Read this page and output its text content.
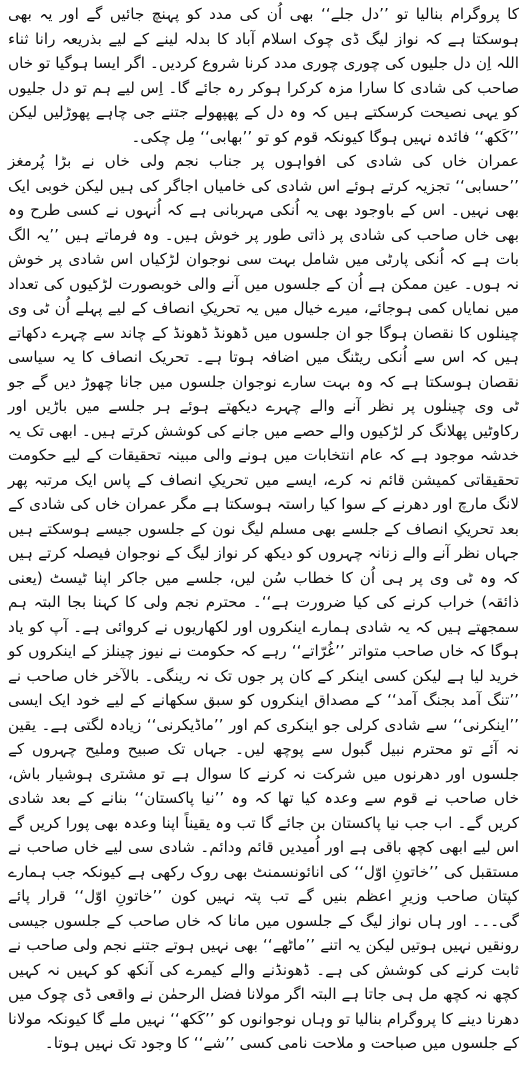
کا پروگرام بنالیا تو ’’دل جلے‘‘ بھی اُن کی مدد کو پہنچ جائیں گے اور یہ بھی ہوسکتا ہے کہ نواز لیگ ڈی چوک اسلام آباد کا بدلہ لینے کے لیے بذریعہ رانا ثناء اللہ اِن دل جلیوں کی چوری چوری مدد کرنا شروع کردیں۔ اگر ایسا ہوگیا تو خاں صاحب کی شادی کا سارا مزہ کرکرا ہوکر رہ جائے گا۔ اِس لیے ہم تو دل جلیوں کو یہی نصیحت کرسکتے ہیں کہ وہ دل کے پھپھولے جتنے جی چاہے پھوڑلیں لیکن ’’کَکھ‘‘ فائدہ نہیں ہوگا کیونکہ قوم کو تو ’’بھابی‘‘ مِل چکی۔

عمران خاں کی شادی کی افواہوں پر جناب نجم ولی خاں نے بڑا پُرمغز ’’حسابی‘‘ تجزیہ کرتے ہوئے اس شادی کی خامیاں اجاگر کی ہیں لیکن خوبی ایک بھی نہیں۔ اس کے باوجود بھی یہ اُنکی مہربانی ہے کہ اُنہوں نے کسی طرح وہ بھی خاں صاحب کی شادی پر ذاتی طور پر خوش ہیں۔ وہ فرماتے ہیں ’’یہ الگ بات ہے کہ اُنکی پارٹی میں شامل بہت سی نوجوان لڑکیاں اس شادی پر خوش نہ ہوں۔ عین ممکن ہے اُن کے جلسوں میں آنے والی خوبصورت لڑکیوں کی تعداد میں نمایاں کمی ہوجائے، میرے خیال میں یہ تحریکِ انصاف کے لیے پہلے اُن ٹی وی چینلوں کا نقصان ہوگا جو ان جلسوں میں ڈھونڈ ڈھونڈ کے چاند سے چہرے دکھاتے ہیں کہ اس سے اُنکی ریٹنگ میں اضافہ ہوتا ہے۔ تحریک انصاف کا یہ سیاسی نقصان ہوسکتا ہے کہ وہ بہت سارے نوجوان جلسوں میں جانا چھوڑ دیں گے جو ٹی وی چینلوں پر نظر آنے والے چہرے دیکھتے ہوئے ہر جلسے میں باڑیں اور رکاوٹیں پھلانگ کر لڑکیوں والے حصے میں جانے کی کوشش کرتے ہیں۔ ابھی تک یہ خدشہ موجود ہے کہ عام انتخابات میں ہونے والی مبینہ تحقیقات کے لیے حکومت تحقیقاتی کمیشن قائم نہ کرے، ایسے میں تحریکِ انصاف کے پاس ایک مرتبہ پھر لانگ مارچ اور دھرنے کے سوا کیا راستہ ہوسکتا ہے مگر عمران خاں کی شادی کے بعد تحریکِ انصاف کے جلسے بھی مسلم لیگ نون کے جلسوں جیسے ہوسکتے ہیں جہاں نظر آنے والے زنانہ چہروں کو دیکھ کر نواز لیگ کے نوجوان فیصلہ کرتے ہیں کہ وہ ٹی وی پر ہی اُن کا خطاب سُن لیں، جلسے میں جاکر اپنا ٹیسٹ (یعنی ذائقہ) خراب کرنے کی کیا ضرورت ہے‘‘۔ محترم نجم ولی کا کہنا بجا البتہ ہم سمجھتے ہیں کہ یہ شادی ہمارے اینکروں اور لکھاریوں نے کروائی ہے۔ آپ کو یاد ہوگا کہ خاں صاحب متواتر ’’غُرّاتے‘‘ رہے کہ حکومت نے نیوز چینلز کے اینکروں کو خرید لیا ہے لیکن کسی اینکر کے کان پر جوں تک نہ رینگی۔ بالآخر خاں صاحب نے ’’تنگ آمد بجنگ آمد‘‘ کے مصداق اینکروں کو سبق سکھانے کے لیے خود ایک ایسی ’’اینکرنی‘‘ سے شادی کرلی جو اینکری کم اور ’’ماڈیکرنی‘‘ زیادہ لگتی ہے۔ یقین نہ آئے تو محترم نبیل گبول سے پوچھ لیں۔ جہاں تک صبیح وملیح چہروں کے جلسوں اور دھرنوں میں شرکت نہ کرنے کا سوال ہے تو مشتری ہوشیار باش، خاں صاحب نے قوم سے وعدہ کیا تھا کہ وہ ’’نیا پاکستان‘‘ بنانے کے بعد شادی کریں گے۔ اب جب نیا پاکستان بن جائے گا تب وہ یقیناً اپنا وعدہ بھی پورا کریں گے اس لیے ابھی کچھ باقی ہے اور اُمیدیں قائم ودائم۔ شادی سی لیے خاں صاحب نے مستقبل کی ’’خاتونِ اوّل‘‘ کی انائونسمنٹ بھی روک رکھی ہے کیونکہ جب ہمارے کپتان صاحب وزیرِ اعظم بنیں گے تب پتہ نہیں کون ’’خاتونِ اوّل‘‘ قرار پائے گی۔۔۔ اور ہاں نواز لیگ کے جلسوں میں مانا کہ خاں صاحب کے جلسوں جیسی رونقیں نہیں ہوتیں لیکن یہ اتنے ’’ماٹھے‘‘ بھی نہیں ہوتے جتنے نجم ولی صاحب نے ثابت کرنے کی کوشش کی ہے۔ ڈھونڈنے والے کیمرے کی آنکھ کو کہیں نہ کہیں کچھ نہ کچھ مل ہی جاتا ہے البتہ اگر مولانا فضل الرحمٰن نے واقعی ڈی چوک میں دھرنا دینے کا پروگرام بنالیا تو وہاں نوجوانوں کو ’’کَکھ‘‘ نہیں ملے گا کیونکہ مولانا کے جلسوں میں صباحت و ملاحت نامی کسی ’’شے‘‘ کا وجود تک نہیں ہوتا۔
